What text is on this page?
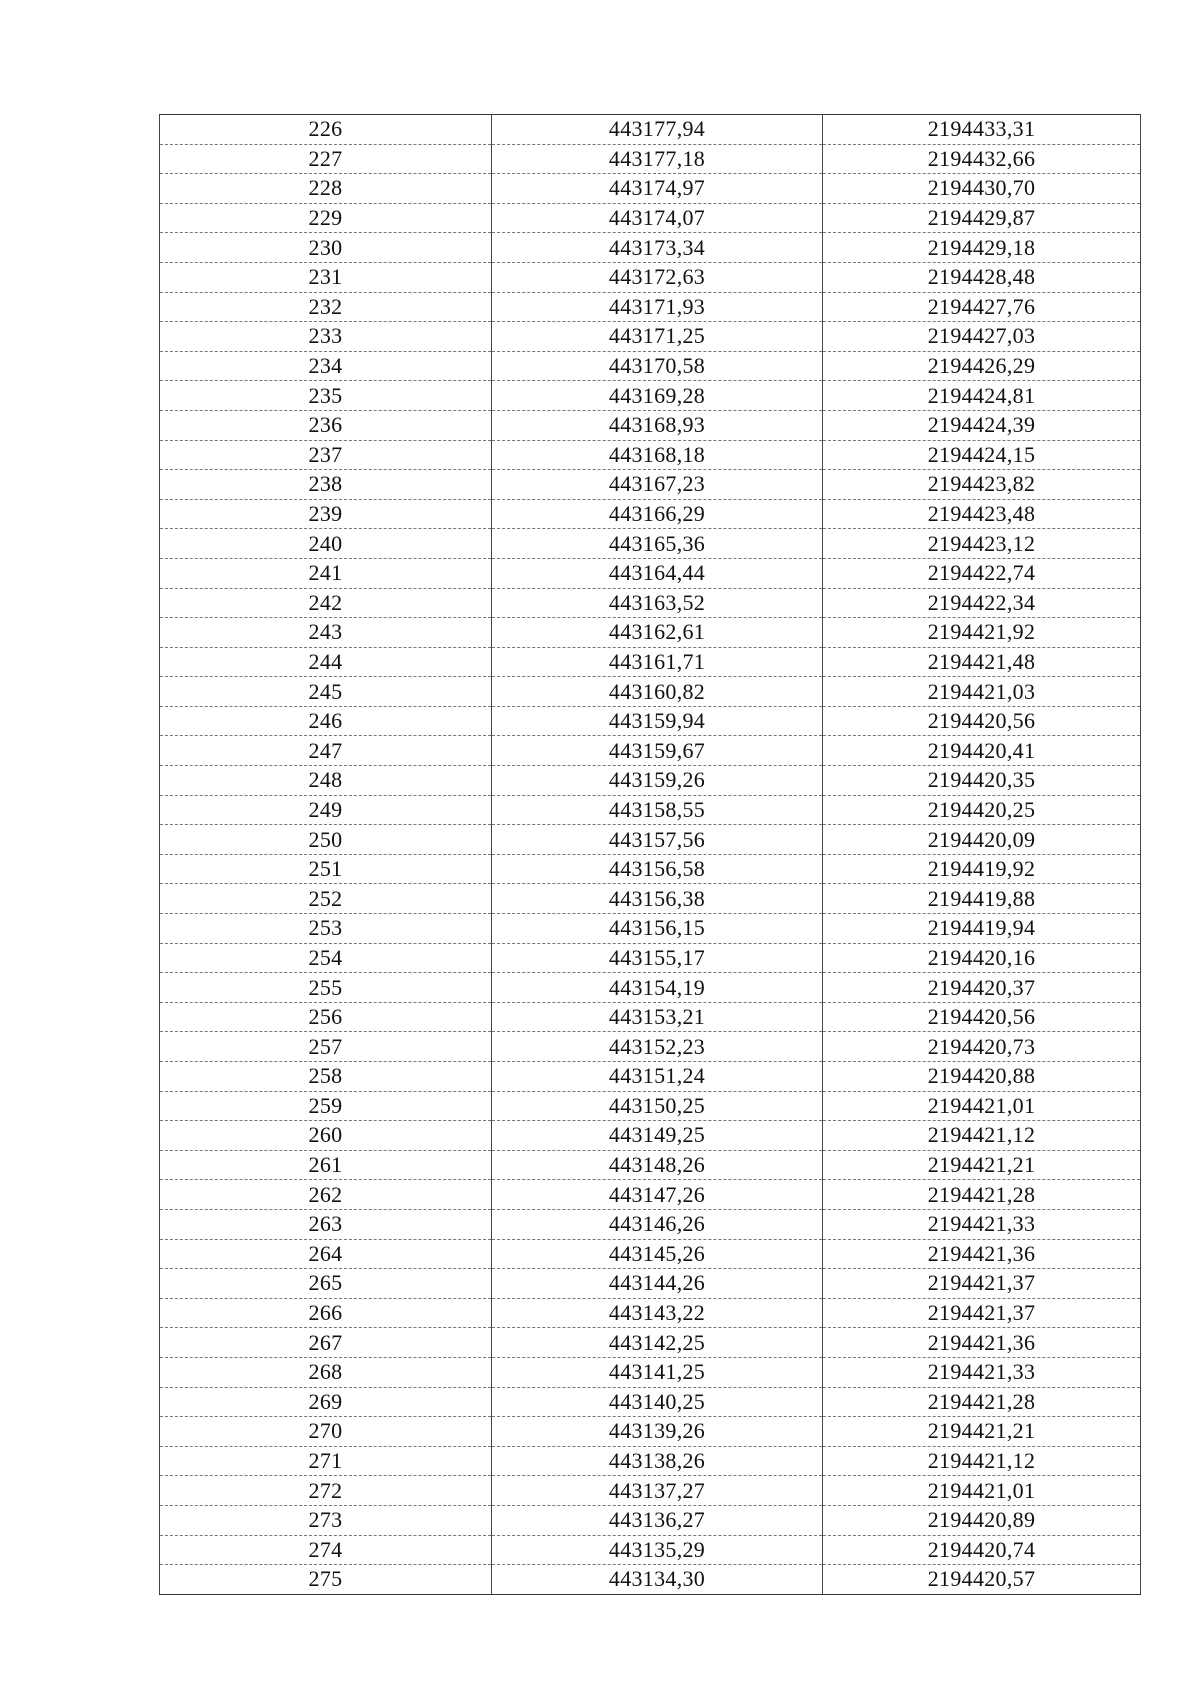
226	443177,94	2194433,31
227	443177,18	2194432,66
228	443174,97	2194430,70
229	443174,07	2194429,87
230	443173,34	2194429,18
231	443172,63	2194428,48
232	443171,93	2194427,76
233	443171,25	2194427,03
234	443170,58	2194426,29
235	443169,28	2194424,81
236	443168,93	2194424,39
237	443168,18	2194424,15
238	443167,23	2194423,82
239	443166,29	2194423,48
240	443165,36	2194423,12
241	443164,44	2194422,74
242	443163,52	2194422,34
243	443162,61	2194421,92
244	443161,71	2194421,48
245	443160,82	2194421,03
246	443159,94	2194420,56
247	443159,67	2194420,41
248	443159,26	2194420,35
249	443158,55	2194420,25
250	443157,56	2194420,09
251	443156,58	2194419,92
252	443156,38	2194419,88
253	443156,15	2194419,94
254	443155,17	2194420,16
255	443154,19	2194420,37
256	443153,21	2194420,56
257	443152,23	2194420,73
258	443151,24	2194420,88
259	443150,25	2194421,01
260	443149,25	2194421,12
261	443148,26	2194421,21
262	443147,26	2194421,28
263	443146,26	2194421,33
264	443145,26	2194421,36
265	443144,26	2194421,37
266	443143,22	2194421,37
267	443142,25	2194421,36
268	443141,25	2194421,33
269	443140,25	2194421,28
270	443139,26	2194421,21
271	443138,26	2194421,12
272	443137,27	2194421,01
273	443136,27	2194420,89
274	443135,29	2194420,74
275	443134,30	2194420,57
